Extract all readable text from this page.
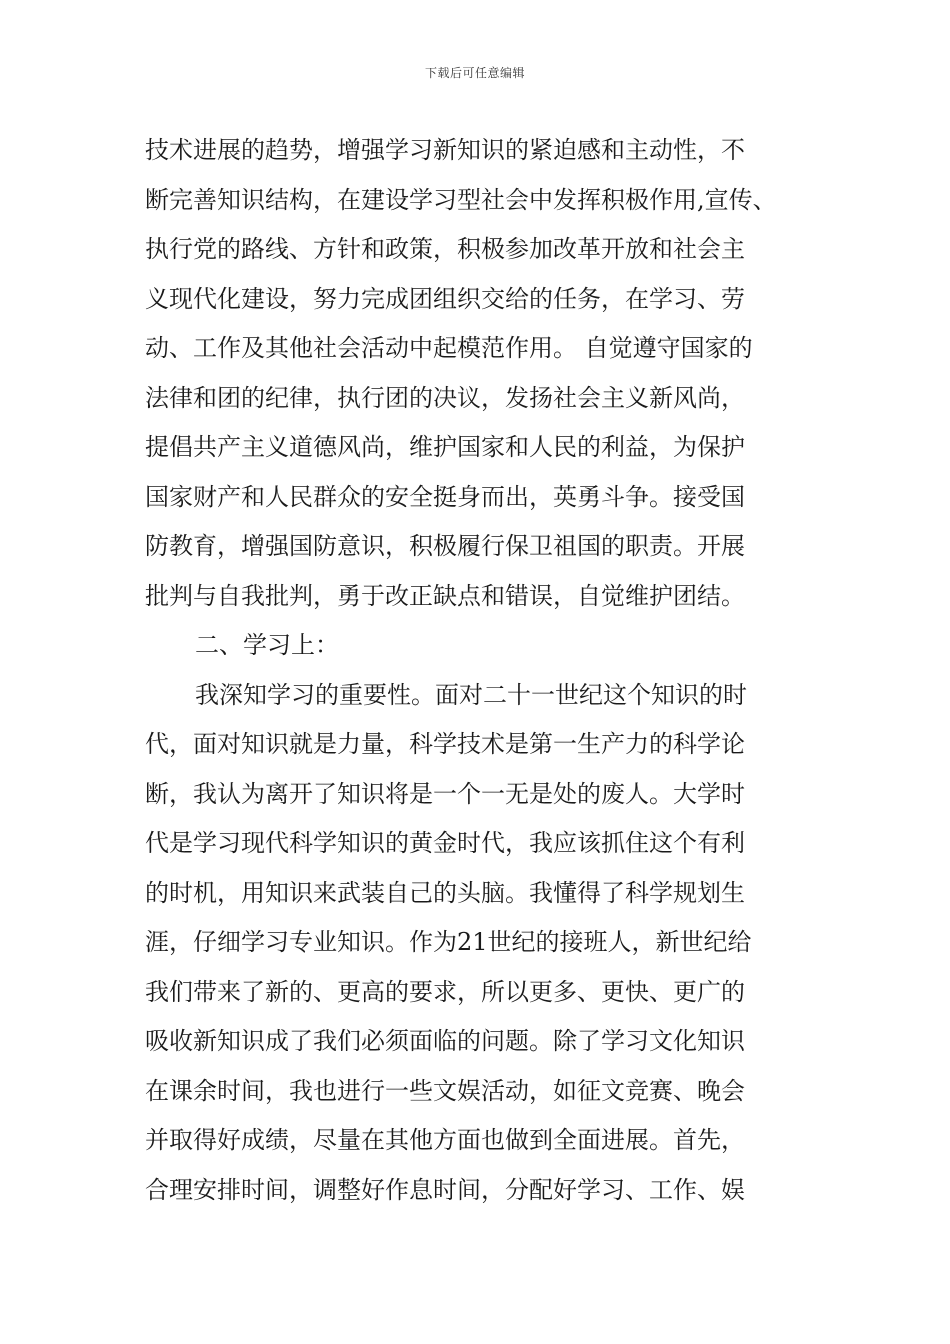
下载后可任意编辑
技术进展的趋势，增强学习新知识的紧迫感和主动性，不
断完善知识结构，在建设学习型社会中发挥积极作用,宣传、
执行党的路线、方针和政策，积极参加改革开放和社会主
义现代化建设，努力完成团组织交给的任务，在学习、劳
动、工作及其他社会活动中起模范作用。 自觉遵守国家的
法律和团的纪律，执行团的决议，发扬社会主义新风尚，
提倡共产主义道德风尚，维护国家和人民的利益，为保护
国家财产和人民群众的安全挺身而出，英勇斗争。接受国
防教育，增强国防意识，积极履行保卫祖国的职责。开展
批判与自我批判，勇于改正缺点和错误，自觉维护团结。
二、学习上：
我深知学习的重要性。面对二十一世纪这个知识的时
代，面对知识就是力量，科学技术是第一生产力的科学论
断，我认为离开了知识将是一个一无是处的废人。大学时
代是学习现代科学知识的黄金时代，我应该抓住这个有利
的时机，用知识来武装自己的头脑。我懂得了科学规划生
涯，仔细学习专业知识。作为21世纪的接班人，新世纪给
我们带来了新的、更高的要求，所以更多、更快、更广的
吸收新知识成了我们必须面临的问题。除了学习文化知识
在课余时间，我也进行一些文娱活动，如征文竞赛、晚会
并取得好成绩，尽量在其他方面也做到全面进展。首先，
合理安排时间，调整好作息时间，分配好学习、工作、娱
